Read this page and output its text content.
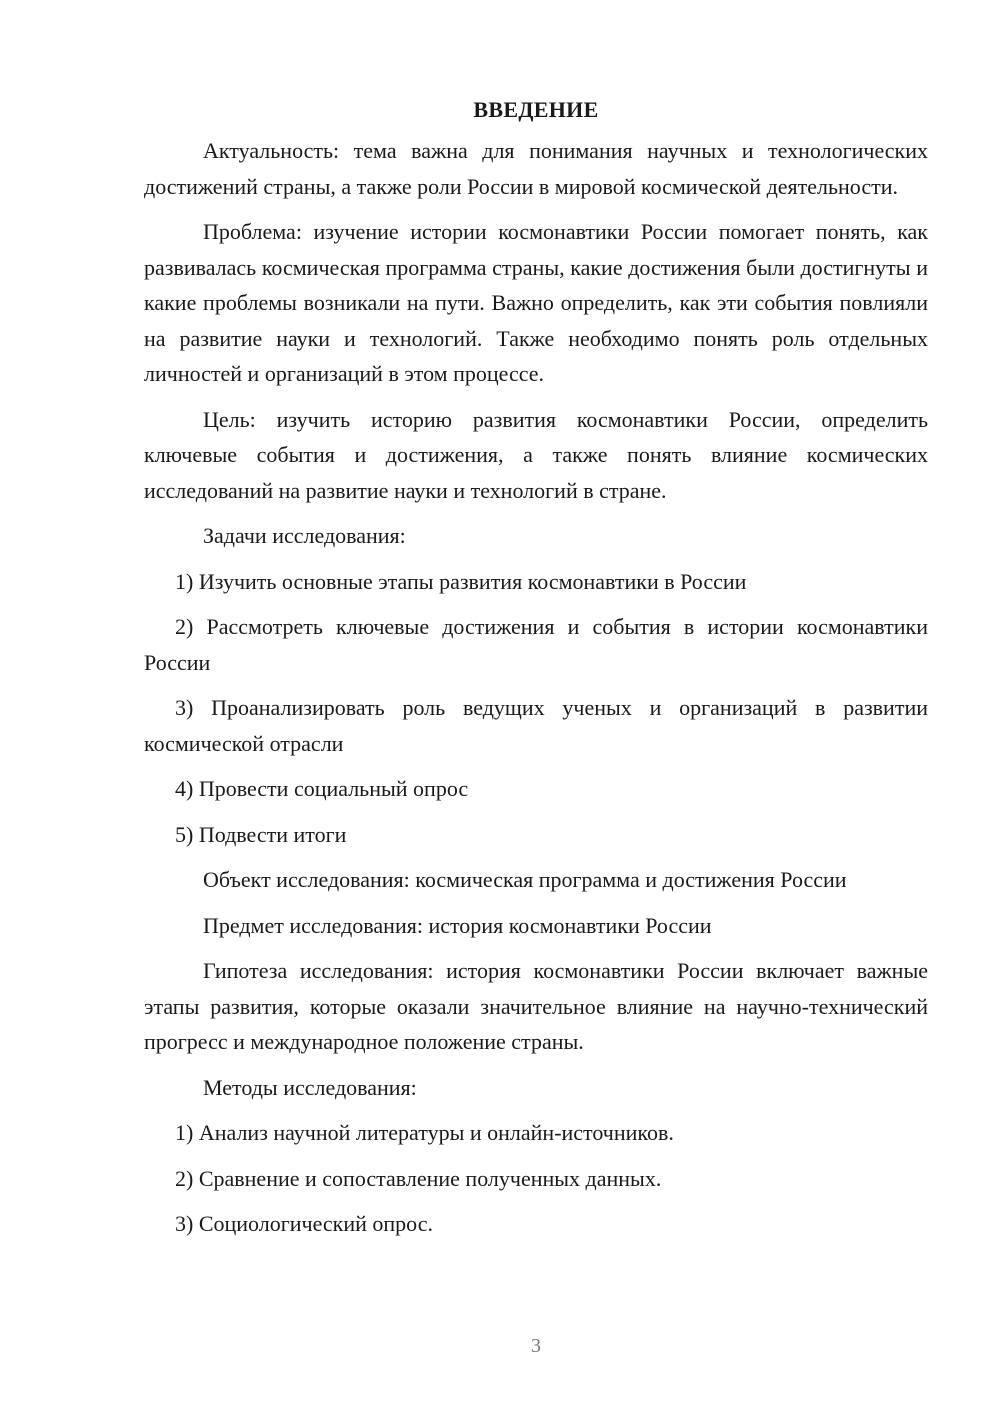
ВВЕДЕНИЕ

Актуальность: тема важна для понимания научных и технологических достижений страны, а также роли России в мировой космической деятельности.

Проблема: изучение истории космонавтики России помогает понять, как развивалась космическая программа страны, какие достижения были достигнуты и какие проблемы возникали на пути. Важно определить, как эти события повлияли на развитие науки и технологий. Также необходимо понять роль отдельных личностей и организаций в этом процессе.

Цель: изучить историю развития космонавтики России, определить ключевые события и достижения, а также понять влияние космических исследований на развитие науки и технологий в стране.

Задачи исследования:

1) Изучить основные этапы развития космонавтики в России

2) Рассмотреть ключевые достижения и события в истории космонавтики России

3) Проанализировать роль ведущих ученых и организаций в развитии космической отрасли

4) Провести социальный опрос

5) Подвести итоги

Объект исследования: космическая программа и достижения России

Предмет исследования: история космонавтики России

Гипотеза исследования: история космонавтики России включает важные этапы развития, которые оказали значительное влияние на научно-технический прогресс и международное положение страны.

Методы исследования:

1) Анализ научной литературы и онлайн-источников.

2) Сравнение и сопоставление полученных данных.

3) Социологический опрос.

3
